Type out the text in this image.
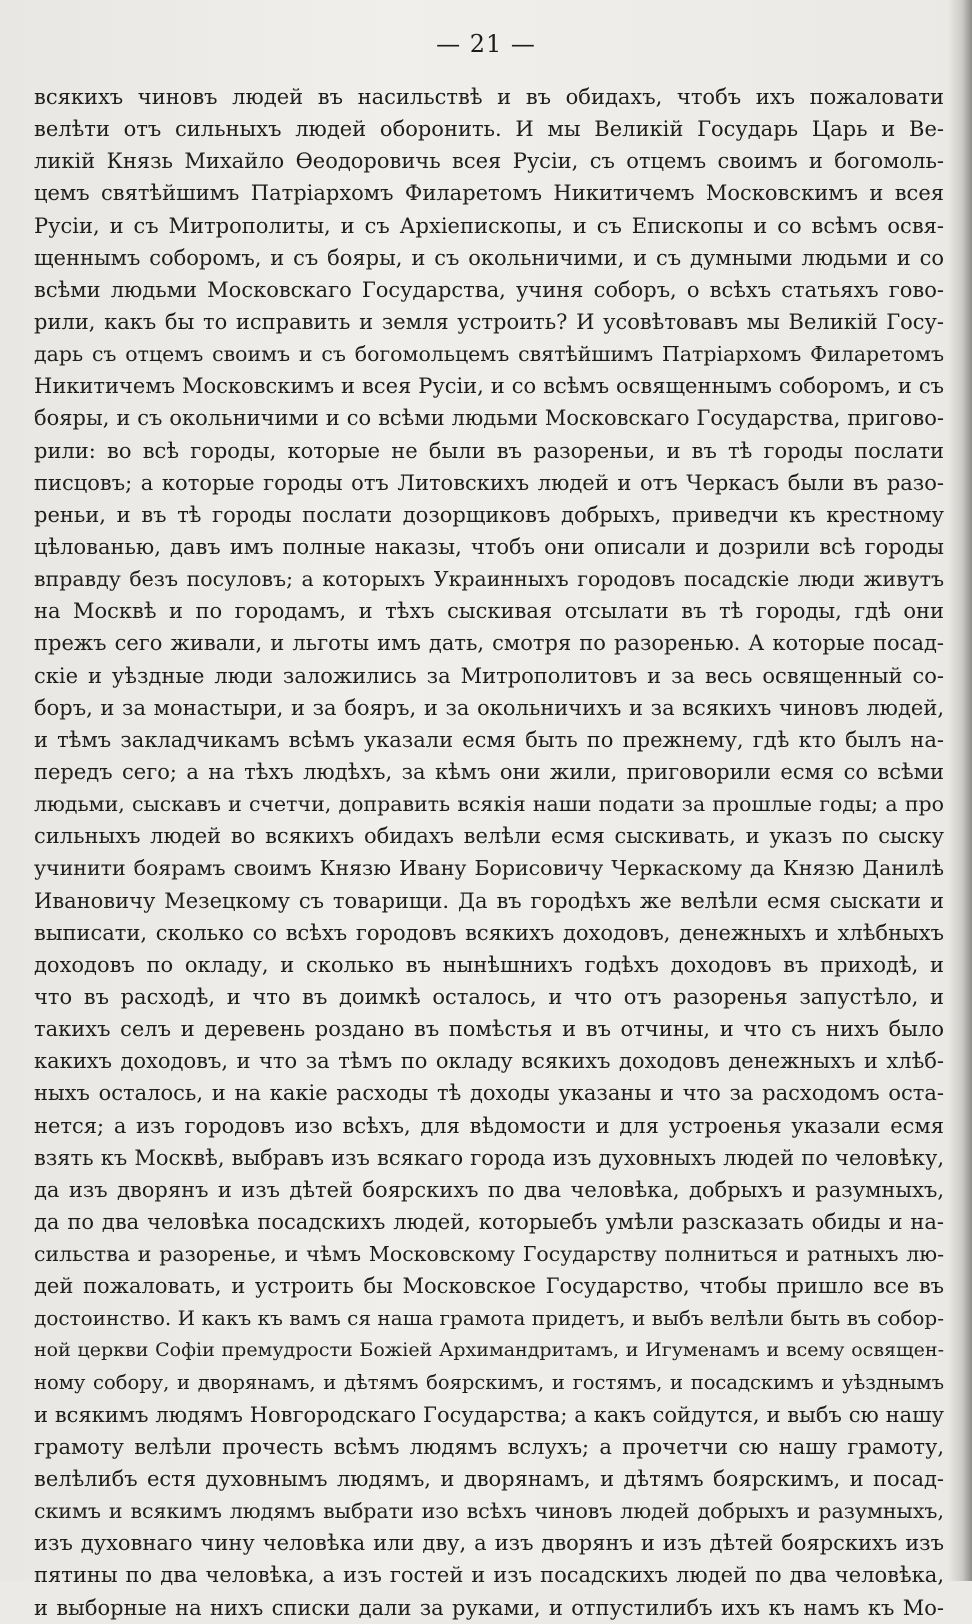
— 21 —
всякихъ чиновъ людей въ насильствѣ и въ обидахъ, чтобъ ихъ пожаловати
велѣти отъ сильныхъ людей оборонить. И мы Великій Государь Царь и Ве-
ликій Князь Михайло Ѳеодоровичь всея Русіи, съ отцемъ своимъ и богомоль-
цемъ святѣйшимъ Патріархомъ Филаретомъ Никитичемъ Московскимъ и всея
Русіи, и съ Митрополиты, и съ Архіепископы, и съ Епископы и со всѣмъ освя-
щеннымъ соборомъ, и съ бояры, и съ окольничими, и съ думными людьми и со
всѣми людьми Московскаго Государства, учиня соборъ, о всѣхъ статьяхъ гово-
рили, какъ бы то исправить и земля устроить? И усовѣтовавъ мы Великій Госу-
дарь съ отцемъ своимъ и съ богомольцемъ святѣйшимъ Патріархомъ Филаретомъ
Никитичемъ Московскимъ и всея Русіи, и со всѣмъ освященнымъ соборомъ, и съ
бояры, и съ окольничими и со всѣми людьми Московскаго Государства, пригово-
рили: во всѣ городы, которые не были въ разореньи, и въ тѣ городы послати
писцовъ; а которые городы отъ Литовскихъ людей и отъ Черкасъ были въ разо-
реньи, и въ тѣ городы послати дозорщиковъ добрыхъ, приведчи къ крестному
цѣлованью, давъ имъ полные наказы, чтобъ они описали и дозрили всѣ городы
вправду безъ посуловъ; а которыхъ Украинныхъ городовъ посадскіе люди живутъ
на Москвѣ и по городамъ, и тѣхъ сыскивая отсылати въ тѣ городы, гдѣ они
прежъ сего живали, и льготы имъ дать, смотря по разоренью. А которые посад-
скіе и уѣздные люди заложились за Митрополитовъ и за весь освященный со-
боръ, и за монастыри, и за бояръ, и за окольничихъ и за всякихъ чиновъ людей,
и тѣмъ закладчикамъ всѣмъ указали есмя быть по прежнему, гдѣ кто былъ на-
передъ сего; а на тѣхъ людѣхъ, за кѣмъ они жили, приговорили есмя со всѣми
людьми, сыскавъ и счетчи, доправить всякія наши подати за прошлые годы; а про
сильныхъ людей во всякихъ обидахъ велѣли есмя сыскивать, и указъ по сыску
учинити боярамъ своимъ Князю Ивану Борисовичу Черкаскому да Князю Данилѣ
Ивановичу Мезецкому съ товарищи. Да въ городѣхъ же велѣли есмя сыскати и
выписати, сколько со всѣхъ городовъ всякихъ доходовъ, денежныхъ и хлѣбныхъ
доходовъ по окладу, и сколько въ нынѣшнихъ годѣхъ доходовъ въ приходѣ, и
что въ расходѣ, и что въ доимкѣ осталось, и что отъ разоренья запустѣло, и
такихъ селъ и деревень роздано въ помѣстья и въ отчины, и что съ нихъ было
какихъ доходовъ, и что за тѣмъ по окладу всякихъ доходовъ денежныхъ и хлѣб-
ныхъ осталось, и на какіе расходы тѣ доходы указаны и что за расходомъ оста-
нется; а изъ городовъ изо всѣхъ, для вѣдомости и для устроенья указали есмя
взять къ Москвѣ, выбравъ изъ всякаго города изъ духовныхъ людей по человѣку,
да изъ дворянъ и изъ дѣтей боярскихъ по два человѣка, добрыхъ и разумныхъ,
да по два человѣка посадскихъ людей, которыебъ умѣли разсказать обиды и на-
сильства и разоренье, и чѣмъ Московскому Государству полниться и ратныхъ лю-
дей пожаловать, и устроить бы Московское Государство, чтобы пришло все въ
достоинство. И какъ къ вамъ ся наша грамота придетъ, и выбъ велѣли быть въ собор-
ной церкви Софіи премудрости Божіей Архимандритамъ, и Игуменамъ и всему освящен-
ному собору, и дворянамъ, и дѣтямъ боярскимъ, и гостямъ, и посадскимъ и уѣзднымъ
и всякимъ людямъ Новгородскаго Государства; а какъ сойдутся, и выбъ сю нашу
грамоту велѣли прочесть всѣмъ людямъ вслухъ; а прочетчи сю нашу грамоту,
велѣлибъ естя духовнымъ людямъ, и дворянамъ, и дѣтямъ боярскимъ, и посад-
скимъ и всякимъ людямъ выбрати изо всѣхъ чиновъ людей добрыхъ и разумныхъ,
изъ духовнаго чину человѣка или дву, а изъ дворянъ и изъ дѣтей боярскихъ изъ
пятины по два человѣка, а изъ гостей и изъ посадскихъ людей по два человѣка,
и выборные на нихъ списки дали за руками, и отпустилибъ ихъ къ намъ къ Мо-
